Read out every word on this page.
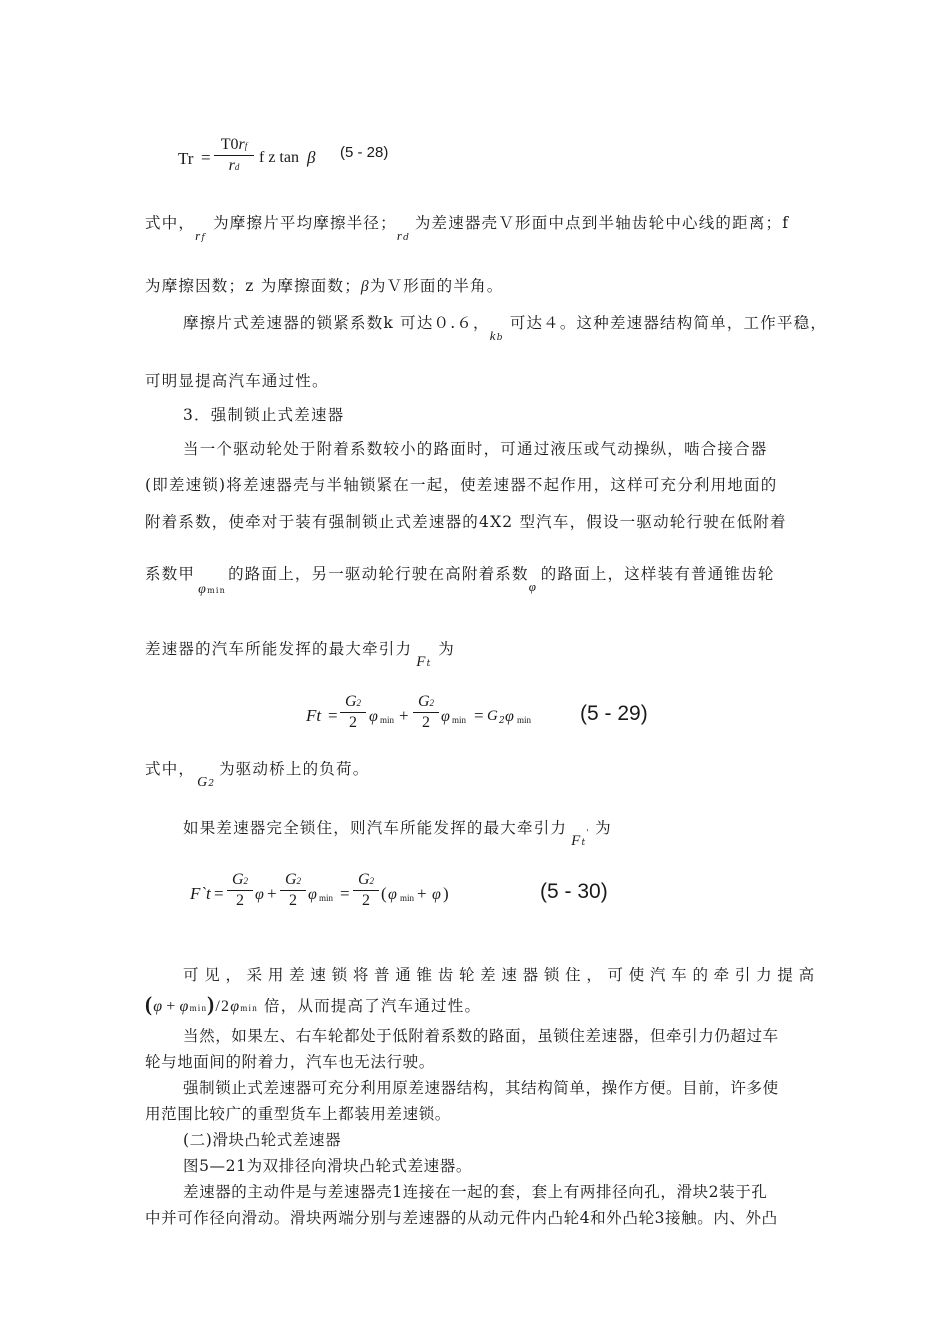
Tr =
T0rf
rd
f z tan β (5 - 28)
式中，rf为摩擦片平均摩擦半径；rd为差速器壳Ｖ形面中点到半轴齿轮中心线的距离；f
为摩擦因数；z 为摩擦面数；β为Ｖ形面的半角。
摩擦片式差速器的锁紧系数k 可达０.６，kb可达４。这种差速器结构简单，工作平稳，
可明显提高汽车通过性。
3．强制锁止式差速器
当一个驱动轮处于附着系数较小的路面时，可通过液压或气动操纵，啮合接合器
(即差速锁)将差速器壳与半轴锁紧在一起，使差速器不起作用，这样可充分利用地面的
附着系数，使牵对于装有强制锁止式差速器的4X2 型汽车，假设一驱动轮行驶在低附着
系数甲φmin的路面上，另一驱动轮行驶在高附着系数φ的路面上，这样装有普通锥齿轮
差速器的汽车所能发挥的最大牵引力Ft为
Ft =
G2
2 φ min +
G2
2 φ min = G 2 φ min (5 - 29)
式中，G2为驱动桥上的负荷。
如果差速器完全锁住，则汽车所能发挥的最大牵引力Ft' 为
F`t =
G2
2 φ +
G2
2 φ min =
G2
2 ( φ min + φ )	(5 - 30)
可 见 ， 采 用 差 速 锁 将 普 通 锥 齿 轮 差 速 器 锁 住 ， 可 使 汽 车 的 牵 引 力 提 高
(φ + φmin)/2φmin 倍，从而提高了汽车通过性。
当然，如果左、右车轮都处于低附着系数的路面，虽锁住差速器，但牵引力仍超过车
轮与地面间的附着力，汽车也无法行驶。
强制锁止式差速器可充分利用原差速器结构，其结构简单，操作方便。目前，许多使
用范围比较广的重型货车上都装用差速锁。
(二)滑块凸轮式差速器
图5—21为双排径向滑块凸轮式差速器。
差速器的主动件是与差速器壳1连接在一起的套，套上有两排径向孔，滑块2装于孔
中并可作径向滑动。滑块两端分别与差速器的从动元件内凸轮4和外凸轮3接触。内、外凸
